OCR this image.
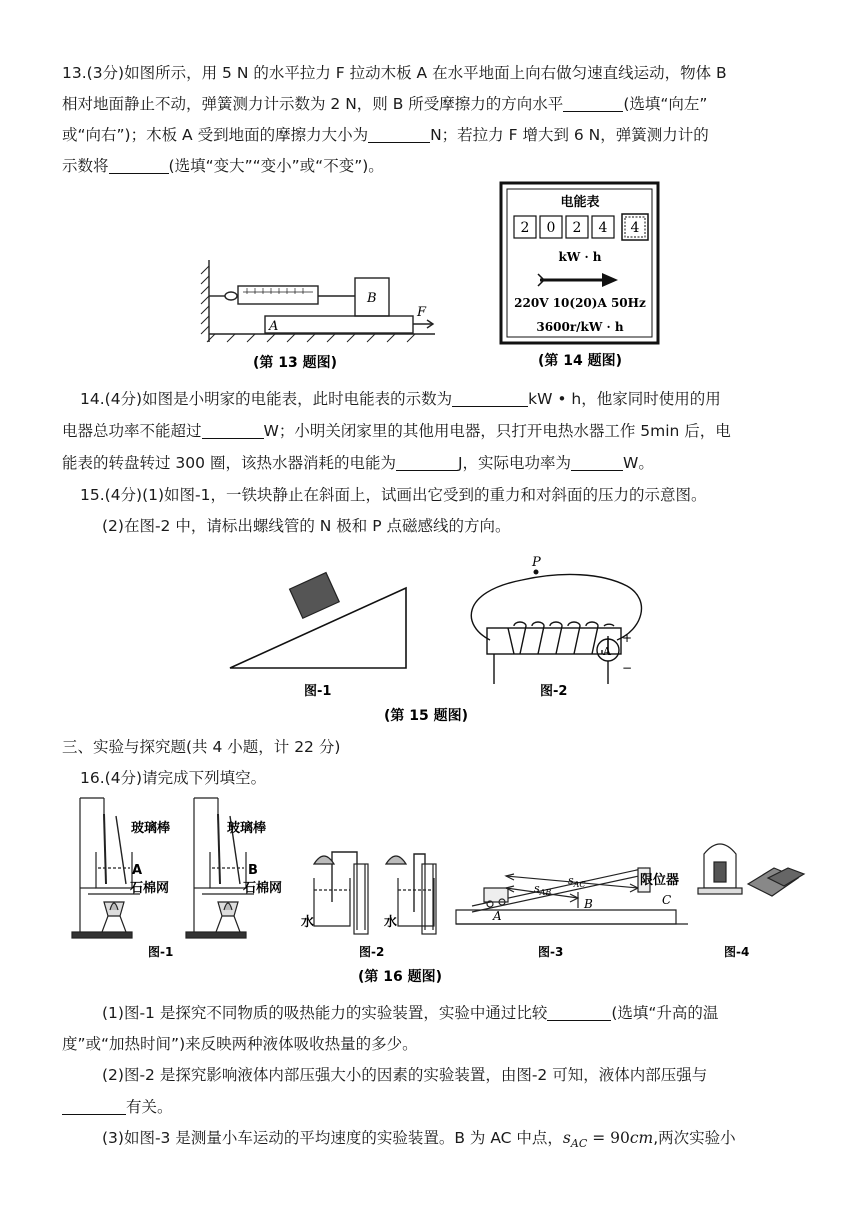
13.(3分)如图所示，用 5 N 的水平拉力 F 拉动木板 A 在水平地面上向右做匀速直线运动，物体 B
相对地面静止不动，弹簧测力计示数为 2 N，则 B 所受摩擦力的方向水平	(选填“向左”
或“向右”)；木板 A 受到地面的摩擦力大小为	N；若拉力 F 增大到 6 N，弹簧测力计的
示数将	(选填“变大”“变小”或“不变”)。
B
A
F
(第 13 题图)
电能表
2 0 2 4 4
kW · h
220V 10(20)A 50Hz
3600r/kW · h
(第 14 题图)
14.(4分)如图是小明家的电能表，此时电能表的示数为	kW • h，他家同时使用的用
电器总功率不能超过	W；小明关闭家里的其他用电器，只打开电热水器工作 5min 后，电
能表的转盘转过 300 圈，该热水器消耗的电能为	J，实际电功率为	W。
15.(4分)(1)如图-1，一铁块静止在斜面上，试画出它受到的重力和对斜面的压力的示意图。
(2)在图-2 中，请标出螺线管的 N 极和 P 点磁感线的方向。
图-1
P
A
+
−
图-2
(第 15 题图)
三、实验与探究题(共 4 小题，计 22 分)
16.(4分)请完成下列填空。
玻璃棒	玻璃棒
A	B
石棉网	石棉网
水	水
限位器
$s_{AC}$
$s_{AB}$
A
B	C
图-1	图-2	图-3	图-4
(第 16 题图)
(1)图-1 是探究不同物质的吸热能力的实验装置，实验中通过比较	(选填“升高的温
度”或“加热时间”)来反映两种液体吸收热量的多少。
(2)图-2 是探究影响液体内部压强大小的因素的实验装置，由图-2 可知，液体内部压强与
有关。
(3)如图-3 是测量小车运动的平均速度的实验装置。B 为 AC 中点，$s_{AC} = 90cm$,两次实验小
